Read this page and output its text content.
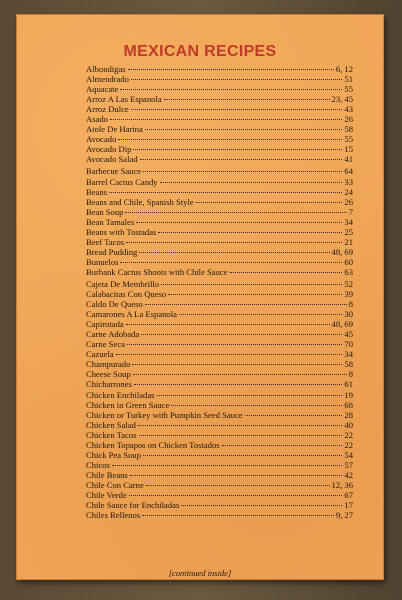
MEXICAN RECIPES
Albondigas	6, 12
Almendrado	51
Aquacate	55
Arroz A Las Espanola	23, 45
Arroz Dulce	43
Asado	26
Atole De Harina	58
Avocado	55
Avocado Dip	15
Avocado Salad	41
Barbecue Sauce	64
Barrel Cactus Candy	33
Beans	24
Beans and Chile, Spanish Style	26
Bean Soup	7
Bean Tamales	34
Beans with Tostadas	25
Beef Tacos	21
Bread Pudding	48, 69
Bunuelos	60
Burbank Cactus Shoots with Chile Sauce	63
Cajeta De Membrillo	52
Calabacitas Con Queso	39
Caldo De Queso	8
Camarones A La Espanola	30
Capirotada	48, 69
Carne Adobada	45
Carne Seca	70
Cazuela	34
Champurado	58
Cheese Soup	8
Chicharrones	61
Chicken Enchiladas	19
Chicken in Green Sauce	68
Chicken or Turkey with Pumpkin Seed Sauce	28
Chicken Salad	40
Chicken Tacos	22
Chicken Topapos on Chicken Tostados	22
Chick Pea Soup	54
Chicos	57
Chile Beans	42
Chile Con Carne	12, 36
Chile Verde	67
Chile Sauce for Enchiladas	17
Chiles Rellenos	9, 27
[continued inside]
